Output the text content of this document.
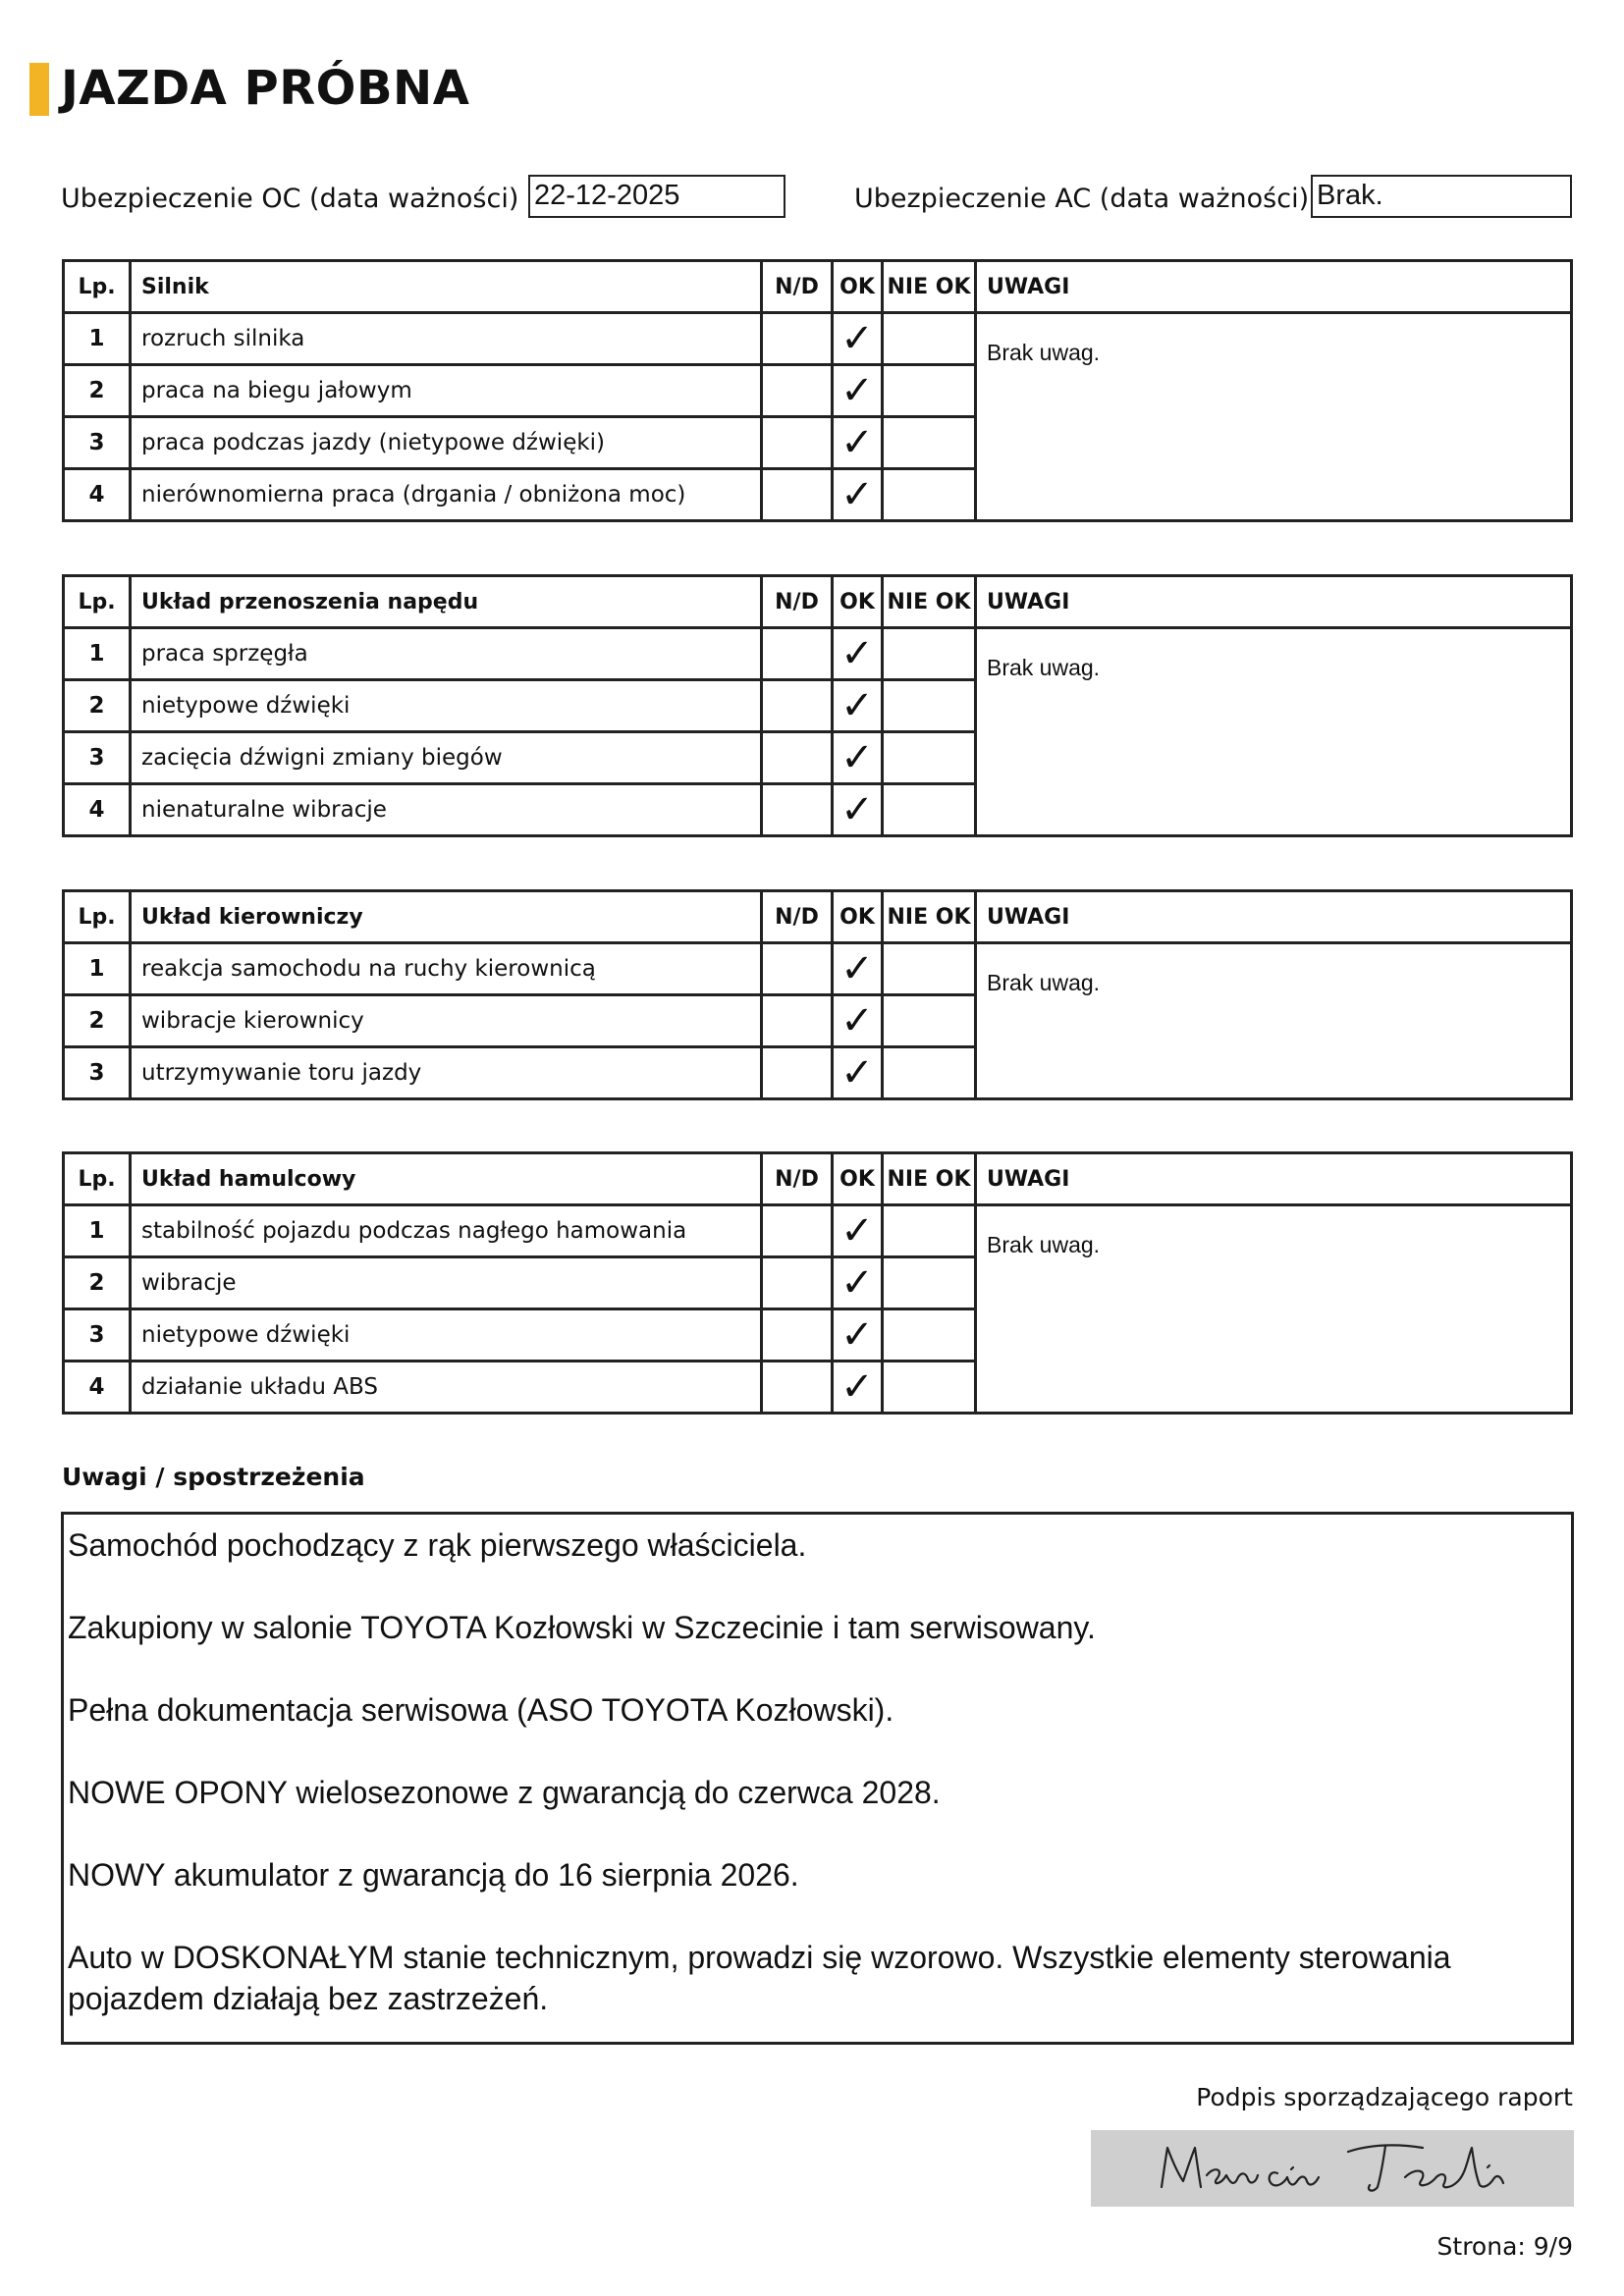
JAZDA PRÓBNA
Ubezpieczenie OC (data ważności) 22-12-2025	Ubezpieczenie AC (data ważności) Brak.
Lp.	Silnik	N/D	OK	NIE OK	UWAGI
1	rozruch silnika		✓		Brak uwag.
2	praca na biegu jałowym		✓		
3	praca podczas jazdy (nietypowe dźwięki)		✓		
4	nierównomierna praca (drgania / obniżona moc)		✓		
Lp.	Układ przenoszenia napędu	N/D	OK	NIE OK	UWAGI
1	praca sprzęgła		✓		Brak uwag.
2	nietypowe dźwięki		✓		
3	zacięcia dźwigni zmiany biegów		✓		
4	nienaturalne wibracje		✓		
Lp.	Układ kierowniczy	N/D	OK	NIE OK	UWAGI
1	reakcja samochodu na ruchy kierownicą		✓		Brak uwag.
2	wibracje kierownicy		✓		
3	utrzymywanie toru jazdy		✓		
Lp.	Układ hamulcowy	N/D	OK	NIE OK	UWAGI
1	stabilność pojazdu podczas nagłego hamowania		✓		Brak uwag.
2	wibracje		✓		
3	nietypowe dźwięki		✓		
4	działanie układu ABS		✓		
Uwagi / spostrzeżenia

Samochód pochodzący z rąk pierwszego właściciela.

Zakupiony w salonie TOYOTA Kozłowski w Szczecinie i tam serwisowany.

Pełna dokumentacja serwisowa (ASO TOYOTA Kozłowski).

NOWE OPONY wielosezonowe z gwarancją do czerwca 2028.

NOWY akumulator z gwarancją do 16 sierpnia 2026.

Auto w DOSKONAŁYM stanie technicznym, prowadzi się wzorowo. Wszystkie elementy sterowania pojazdem działają bez zastrzeżeń.

Podpis sporządzającego raport
Strona: 9/9
